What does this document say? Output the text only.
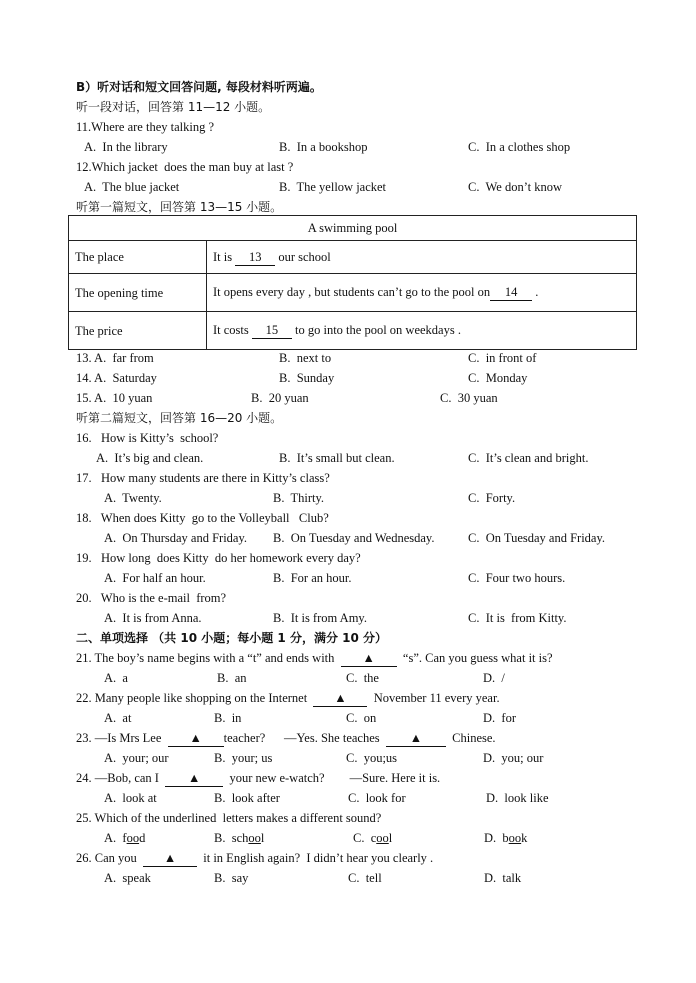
B）听对话和短文回答问题, 每段材料听两遍。
听一段对话，回答第 11—12 小题。
11.Where are they talking ?
A.  In the library	B.  In a bookshop	C.  In a clothes shop
12.Which jacket  does the man buy at last ?
A.  The blue jacket	B.  The yellow jacket	C.  We don’t know
听第一篇短文，回答第 13—15 小题。
A swimming pool	
The place	It is 13 our school
The opening time	It opens every day , but students can’t go to the pool on 14 .
The price	It costs 15 to go into the pool on weekdays .
13. A.  far from	B.  next to	C.  in front of
14. A.  Saturday	B.  Sunday	C.  Monday
15. A.  10 yuan	B.  20 yuan	C.  30 yuan
听第二篇短文，回答第 16—20 小题。
16.   How is Kitty’s  school?
A.  It’s big and clean.	B.  It’s small but clean.	C.  It’s clean and bright.
17.   How many students are there in Kitty’s class?
A.  Twenty.	B.  Thirty.	C.  Forty.
18.   When does Kitty  go to the Volleyball   Club?
A.  On Thursday and Friday. B.  On Tuesday and Wednesday.	C.  On Tuesday and Friday.
19.   How long  does Kitty  do her homework every day?
A.  For half an hour.	B.  For an hour.	C.  Four two hours.
20.   Who is the e-mail  from?
A.  It is from Anna.	B.  It is from Amy.	C.  It is  from Kitty.
二、单项选择 （共 10 小题；每小题 1 分，满分 10 分）
21. The boy’s name begins with a “t” and ends with  ▲  “s”. Can you guess what it is?
A.  a	B.  an	C.  the	D.  /
22. Many people like shopping on the Internet  ▲  November 11 every year.
A.  at	B.  in	C.  on	D.  for
23. —Is Mrs Lee  ▲ teacher?      —Yes. She teaches  ▲  Chinese.
A.  your; our	B.  your; us	C.  you;us	D.  you; our
24. —Bob, can I  ▲  your new e-watch?        —Sure. Here it is.
A.  look at	B.  look after	C.  look for	D.  look like
25. Which of the underlined  letters makes a different sound?
A.  food	B.  school	C.  cool	D.  book
26. Can you  ▲  it in English again?  I didn’t hear you clearly .
A.  speak	B.  say	C.  tell	D.  talk
